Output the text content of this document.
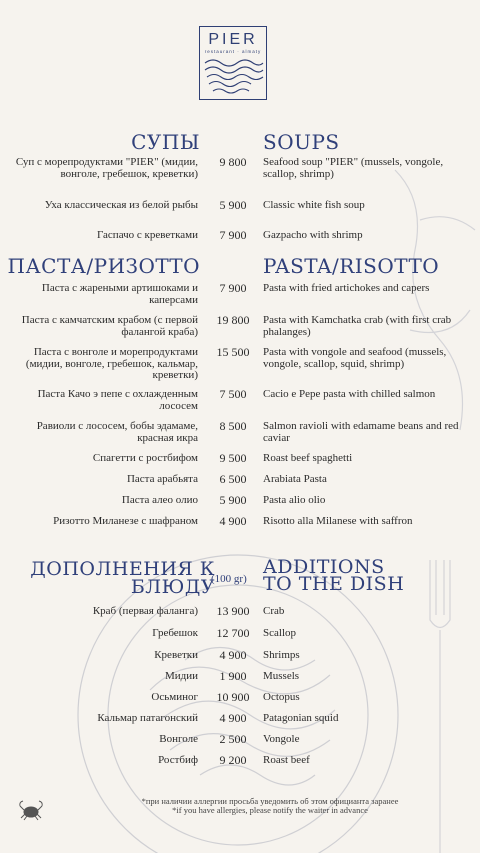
PIER
restaurant · almaty
СУПЫ	SOUPS
Суп с морепродуктами "PIER" (мидии, вонголе, гребешок, креветки)
9 800	Seafood soup "PIER" (mussels, vongole, scallop, shrimp)
Уха классическая из белой рыбы	5 900	Classic white fish soup
Гаспачо с креветками	7 900	Gazpacho with shrimp
ПАСТА/РИЗОТТО	PASTA/RISOTTO
Паста с жареными артишоками и каперсами
7 900	Pasta with fried artichokes and capers
Паста с камчатским крабом (с первой фалангой краба)
19 800	Pasta with Kamchatka crab (with first crab phalanges)
Паста с вонголе и морепродуктами (мидии, вонголе, гребешок, кальмар, креветки)
15 500	Pasta with vongole and seafood (mussels, vongole, scallop, squid, shrimp)
Паста Качо э пепе с охлажденным лососем
7 500	Cacio e Pepe pasta with chilled salmon
Равиоли с лососем, бобы эдамаме, красная икра
8 500	Salmon ravioli with edamame beans and red caviar
Спагетти с ростбифом	9 500	Roast beef spaghetti
Паста арабьята	6 500	Arabiata Pasta
Паста алео олио	5 900	Pasta alio olio
Ризотто Миланезе с шафраном	4 900	Risotto alla Milanese with saffron
ДОПОЛНЕНИЯ К
БЛЮДУ
(100 gr)
ADDITIONS
TO THE DISH
Краб (первая фаланга)	13 900	Crab
Гребешок	12 700	Scallop
Креветки	4 900	Shrimps
Мидии	1 900	Mussels
Осьминог	10 900	Octopus
Кальмар патагонский	4 900	Patagonian squid
Вонголе	2 500	Vongole
Ростбиф	9 200	Roast beef
*при наличии аллергии просьба уведомить об этом официанта заранее
*if you have allergies, please notify the waiter in advance
